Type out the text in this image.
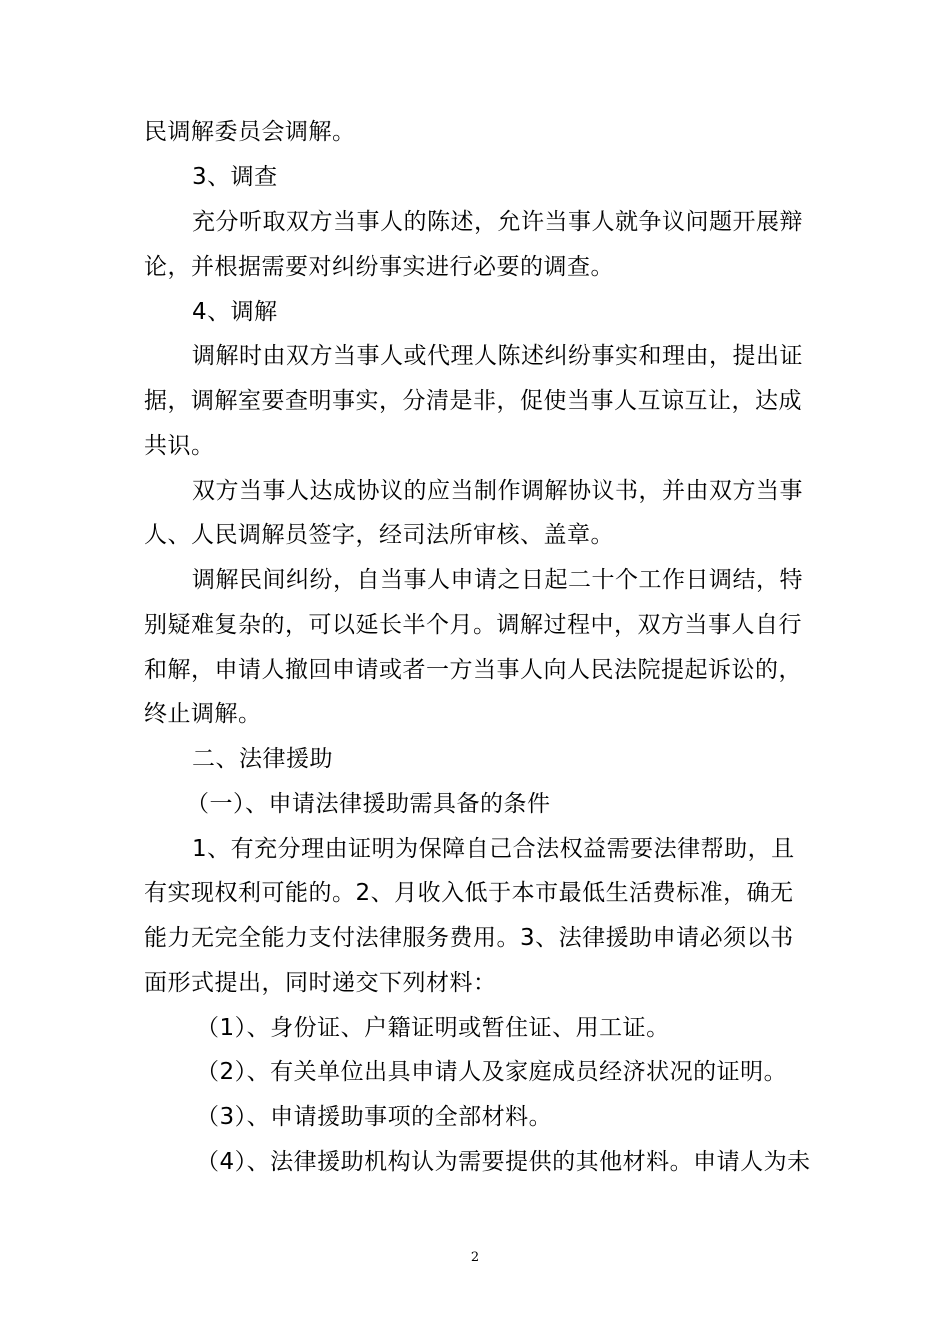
民调解委员会调解。
3、调查
充分听取双方当事人的陈述，允许当事人就争议问题开展辩
论，并根据需要对纠纷事实进行必要的调查。
4、调解
调解时由双方当事人或代理人陈述纠纷事实和理由，提出证
据，调解室要查明事实，分清是非，促使当事人互谅互让，达成
共识。
双方当事人达成协议的应当制作调解协议书，并由双方当事
人、人民调解员签字，经司法所审核、盖章。
调解民间纠纷，自当事人申请之日起二十个工作日调结，特
别疑难复杂的，可以延长半个月。调解过程中，双方当事人自行
和解，申请人撤回申请或者一方当事人向人民法院提起诉讼的，
终止调解。
二、法律援助
（一）、申请法律援助需具备的条件
1、有充分理由证明为保障自己合法权益需要法律帮助，且
有实现权利可能的。2、月收入低于本市最低生活费标准，确无
能力无完全能力支付法律服务费用。3、法律援助申请必须以书
面形式提出，同时递交下列材料：
（1）、身份证、户籍证明或暂住证、用工证。
（2）、有关单位出具申请人及家庭成员经济状况的证明。
（3）、申请援助事项的全部材料。
（4）、法律援助机构认为需要提供的其他材料。申请人为未
2
